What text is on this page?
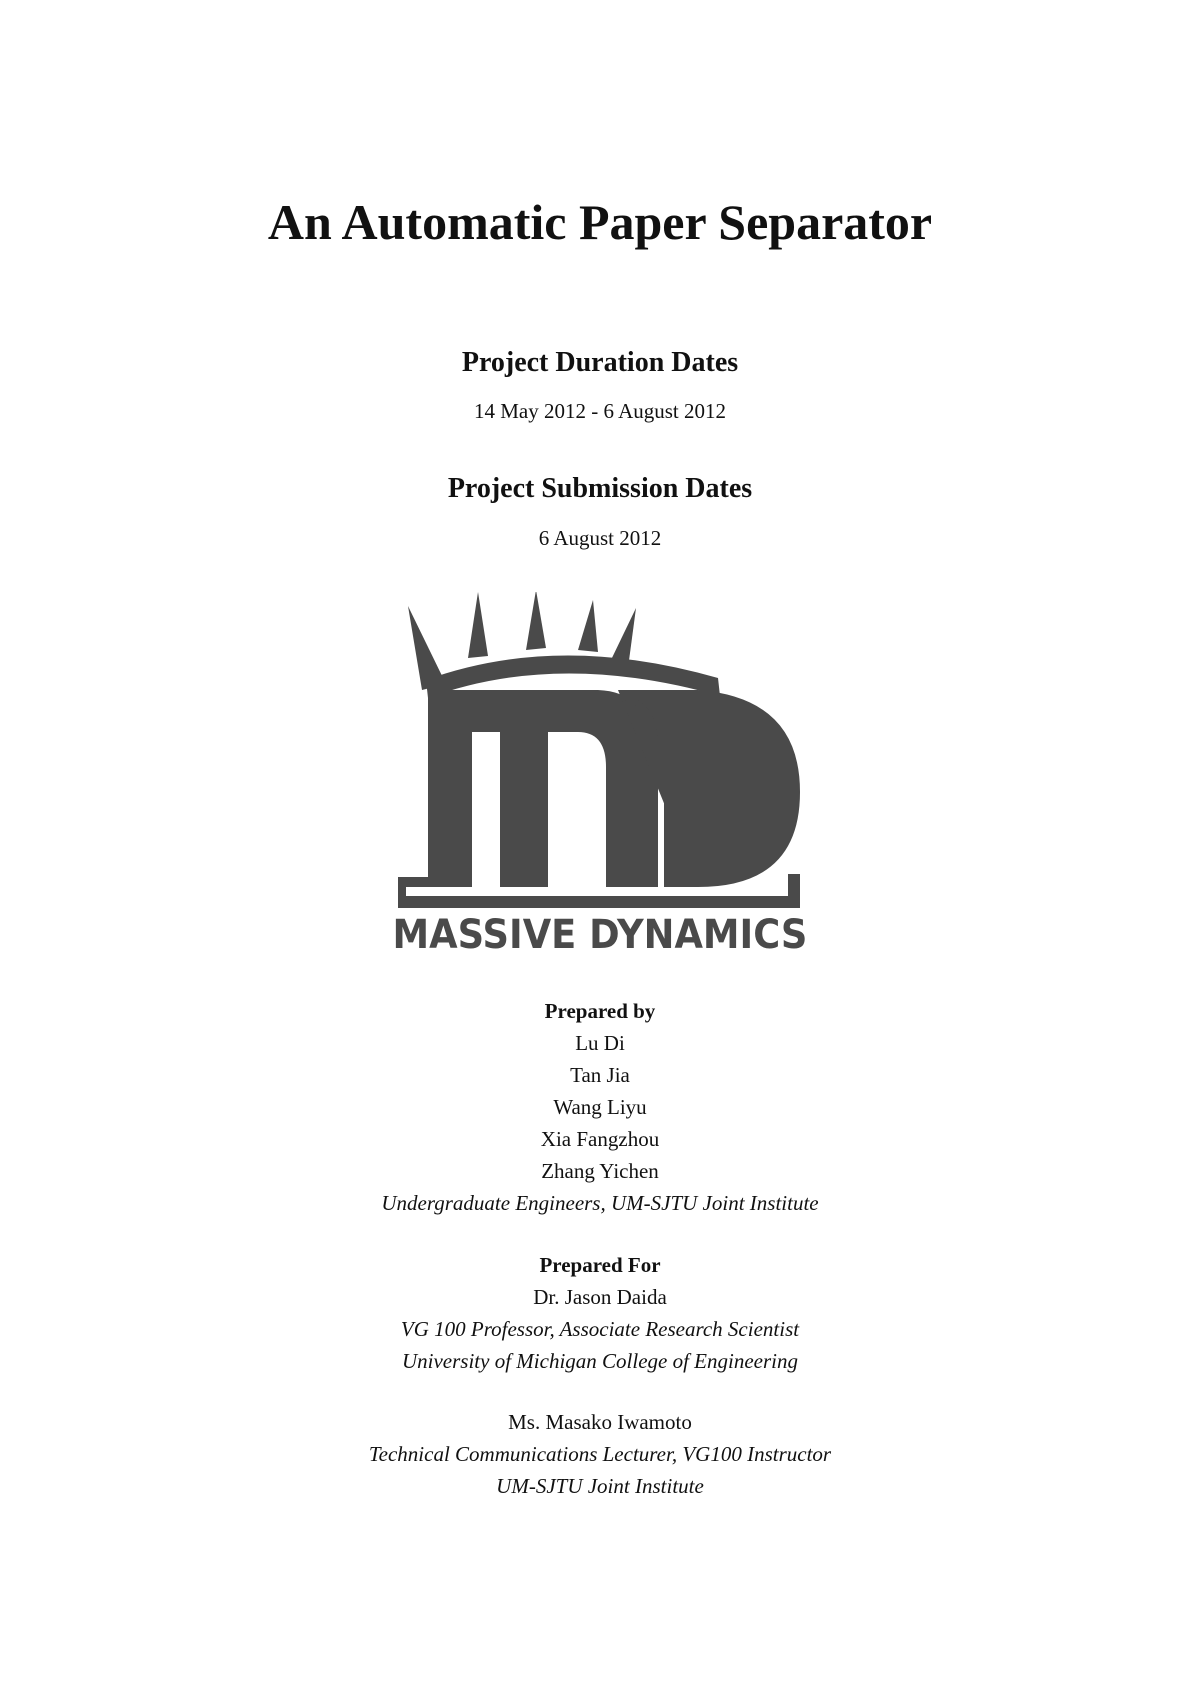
An Automatic Paper Separator
Project Duration Dates
14 May 2012 - 6 August 2012
Project Submission Dates
6 August 2012
MASSIVE DYNAMICS
Prepared by
Lu Di
Tan Jia
Wang Liyu
Xia Fangzhou
Zhang Yichen
Undergraduate Engineers, UM-SJTU Joint Institute
Prepared For
Dr. Jason Daida
VG 100 Professor, Associate Research Scientist
University of Michigan College of Engineering
Ms. Masako Iwamoto
Technical Communications Lecturer, VG100 Instructor
UM-SJTU Joint Institute
